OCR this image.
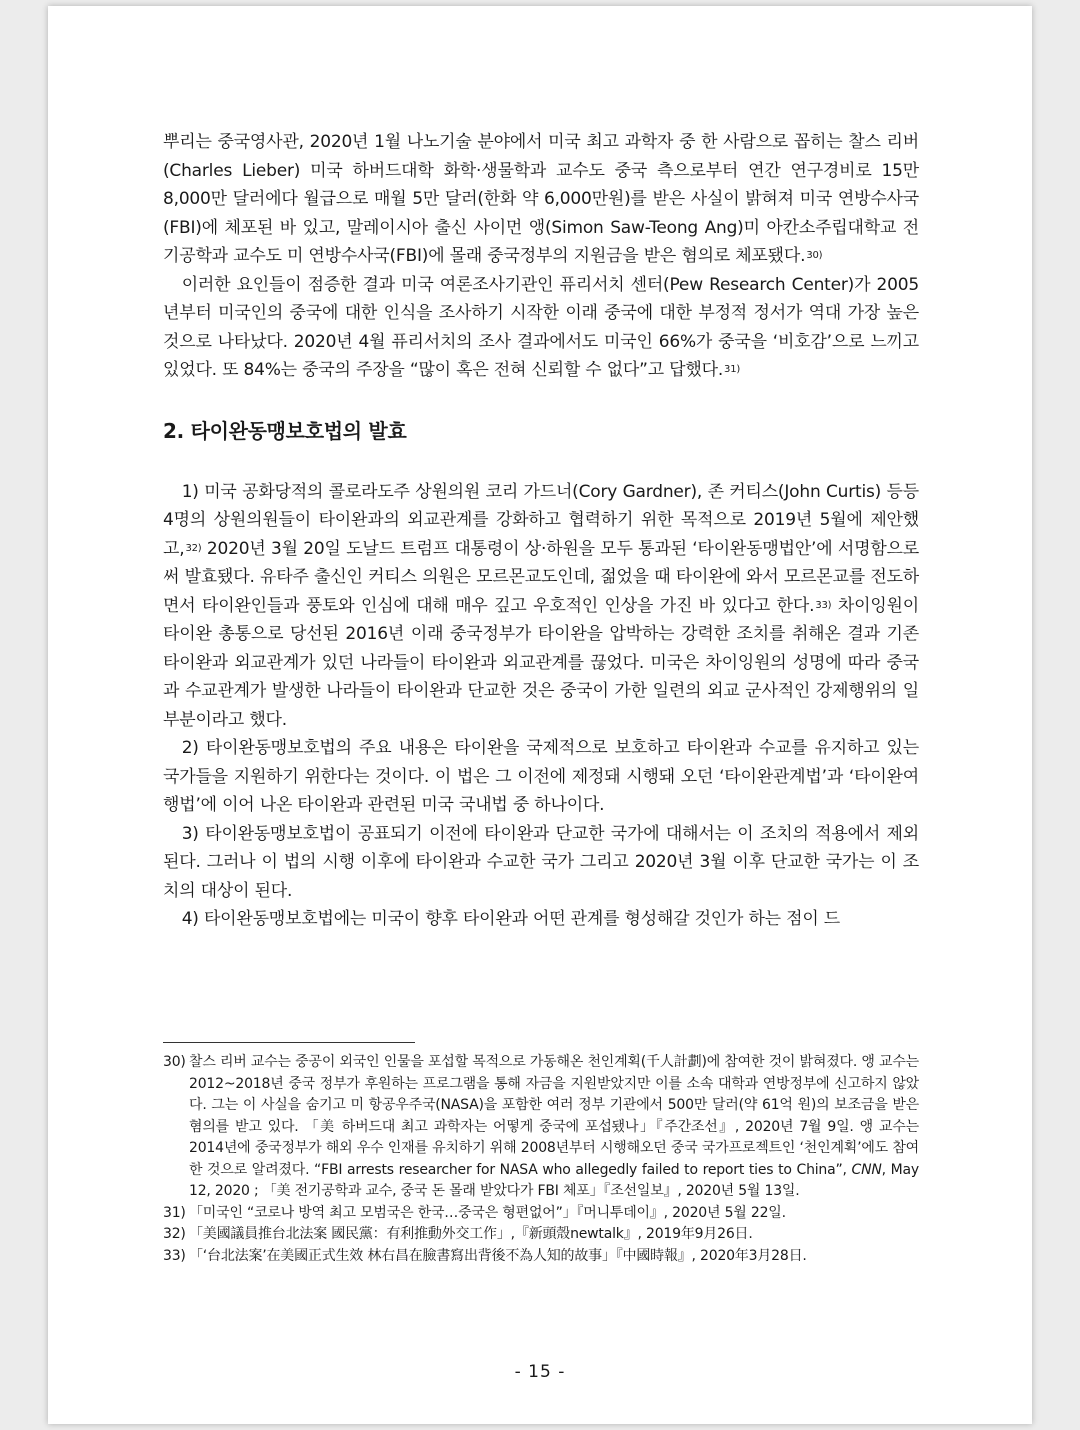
뿌리는 중국영사관, 2020년 1월 나노기술 분야에서 미국 최고 과학자 중 한 사람으로 꼽히는 찰스 리버(Charles Lieber) 미국 하버드대학 화학·생물학과 교수도 중국 측으로부터 연간 연구경비로 15만 8,000만 달러에다 월급으로 매월 5만 달러(한화 약 6,000만원)를 받은 사실이 밝혀져 미국 연방수사국(FBI)에 체포된 바 있고, 말레이시아 출신 사이먼 앵(Simon Saw-Teong Ang)미 아칸소주립대학교 전기공학과 교수도 미 연방수사국(FBI)에 몰래 중국정부의 지원금을 받은 혐의로 체포됐다.$^{30)}$

이러한 요인들이 점증한 결과 미국 여론조사기관인 퓨리서치 센터(Pew Research Center)가 2005년부터 미국인의 중국에 대한 인식을 조사하기 시작한 이래 중국에 대한 부정적 정서가 역대 가장 높은 것으로 나타났다. 2020년 4월 퓨리서치의 조사 결과에서도 미국인 66%가 중국을 ‘비호감’으로 느끼고 있었다. 또 84%는 중국의 주장을 “많이 혹은 전혀 신뢰할 수 없다”고 답했다.$^{31)}$

2. 타이완동맹보호법의 발효

1) 미국 공화당적의 콜로라도주 상원의원 코리 가드너(Cory Gardner), 존 커티스(John Curtis) 등등 4명의 상원의원들이 타이완과의 외교관계를 강화하고 협력하기 위한 목적으로 2019년 5월에 제안했고,$^{32)}$ 2020년 3월 20일 도날드 트럼프 대통령이 상·하원을 모두 통과된 ‘타이완동맹법안’에 서명함으로써 발효됐다. 유타주 출신인 커티스 의원은 모르몬교도인데, 젊었을 때 타이완에 와서 모르몬교를 전도하면서 타이완인들과 풍토와 인심에 대해 매우 깊고 우호적인 인상을 가진 바 있다고 한다.$^{33)}$ 차이잉원이 타이완 총통으로 당선된 2016년 이래 중국정부가 타이완을 압박하는 강력한 조치를 취해온 결과 기존 타이완과 외교관계가 있던 나라들이 타이완과 외교관계를 끊었다. 미국은 차이잉원의 성명에 따라 중국과 수교관계가 발생한 나라들이 타이완과 단교한 것은 중국이 가한 일련의 외교 군사적인 강제행위의 일부분이라고 했다.

2) 타이완동맹보호법의 주요 내용은 타이완을 국제적으로 보호하고 타이완과 수교를 유지하고 있는 국가들을 지원하기 위한다는 것이다. 이 법은 그 이전에 제정돼 시행돼 오던 ‘타이완관계법’과 ‘타이완여행법’에 이어 나온 타이완과 관련된 미국 국내법 중 하나이다.

3) 타이완동맹보호법이 공표되기 이전에 타이완과 단교한 국가에 대해서는 이 조치의 적용에서 제외된다. 그러나 이 법의 시행 이후에 타이완과 수교한 국가 그리고 2020년 3월 이후 단교한 국가는 이 조치의 대상이 된다.

4) 타이완동맹보호법에는 미국이 향후 타이완과 어떤 관계를 형성해갈 것인가 하는 점이 드

30) 찰스 리버 교수는 중공이 외국인 인물을 포섭할 목적으로 가동해온 천인계획(千人計劃)에 참여한 것이 밝혀졌다. 앵 교수는 2012~2018년 중국 정부가 후원하는 프로그램을 통해 자금을 지원받았지만 이를 소속 대학과 연방정부에 신고하지 않았다. 그는 이 사실을 숨기고 미 항공우주국(NASA)을 포함한 여러 정부 기관에서 500만 달러(약 61억 원)의 보조금을 받은 혐의를 받고 있다. 「美 하버드대 최고 과학자는 어떻게 중국에 포섭됐나」『주간조선』, 2020년 7월 9일. 앵 교수는 2014년에 중국정부가 해외 우수 인재를 유치하기 위해 2008년부터 시행해오던 중국 국가프로젝트인 ‘천인계획’에도 참여한 것으로 알려졌다. “FBI arrests researcher for NASA who allegedly failed to report ties to China”, CNN, May 12, 2020 ; 「美 전기공학과 교수, 중국 돈 몰래 받았다가 FBI 체포」『조선일보』, 2020년 5월 13일.
31) 「미국인 “코로나 방역 최고 모범국은 한국…중국은 형편없어”」『머니투데이』, 2020년 5월 22일.
32) 「美國議員推台北法案 國民黨：有利推動外交工作」,『新頭殼newtalk』, 2019年9月26日.
33) 「‘台北法案’在美國正式生效 林右昌在臉書寫出背後不為人知的故事」『中國時報』, 2020年3月28日.
- 15 -
